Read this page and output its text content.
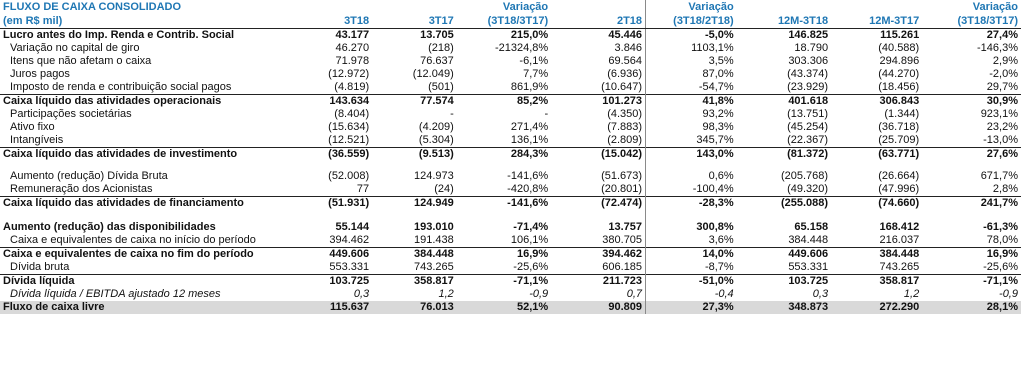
FLUXO DE CAIXA CONSOLIDADO			Variação		Variação			Variação
(em R$ mil)	3T18	3T17	(3T18/3T17)	2T18	(3T18/2T18)	12M-3T18	12M-3T17	(3T18/3T17)
Lucro antes do Imp. Renda e Contrib. Social	43.177	13.705	215,0%	45.446	-5,0%	146.825	115.261	27,4%
Variação no capital de giro	46.270	(218)	-21324,8%	3.846	1103,1%	18.790	(40.588)	-146,3%
Itens que não afetam o caixa	71.978	76.637	-6,1%	69.564	3,5%	303.306	294.896	2,9%
Juros pagos	(12.972)	(12.049)	7,7%	(6.936)	87,0%	(43.374)	(44.270)	-2,0%
Imposto de renda e contribuição social pagos	(4.819)	(501)	861,9%	(10.647)	-54,7%	(23.929)	(18.456)	29,7%
Caixa líquido das atividades operacionais	143.634	77.574	85,2%	101.273	41,8%	401.618	306.843	30,9%
Participações societárias	(8.404)	-	-	(4.350)	93,2%	(13.751)	(1.344)	923,1%
Ativo fixo	(15.634)	(4.209)	271,4%	(7.883)	98,3%	(45.254)	(36.718)	23,2%
Intangíveis	(12.521)	(5.304)	136,1%	(2.809)	345,7%	(22.367)	(25.709)	-13,0%
Caixa líquido das atividades de investimento	(36.559)	(9.513)	284,3%	(15.042)	143,0%	(81.372)	(63.771)	27,6%

Aumento (redução) Dívida Bruta	(52.008)	124.973	-141,6%	(51.673)	0,6%	(205.768)	(26.664)	671,7%
Remuneração dos Acionistas	77	(24)	-420,8%	(20.801)	-100,4%	(49.320)	(47.996)	2,8%
Caixa líquido das atividades de financiamento	(51.931)	124.949	-141,6%	(72.474)	-28,3%	(255.088)	(74.660)	241,7%

Aumento (redução) das disponibilidades	55.144	193.010	-71,4%	13.757	300,8%	65.158	168.412	-61,3%
Caixa e equivalentes de caixa no início do período	394.462	191.438	106,1%	380.705	3,6%	384.448	216.037	78,0%
Caixa e equivalentes de caixa no fim do período	449.606	384.448	16,9%	394.462	14,0%	449.606	384.448	16,9%
Dívida bruta	553.331	743.265	-25,6%	606.185	-8,7%	553.331	743.265	-25,6%
Dívida líquida	103.725	358.817	-71,1%	211.723	-51,0%	103.725	358.817	-71,1%
Dívida líquida / EBITDA ajustado 12 meses	0,3	1,2	-0,9	0,7	-0,4	0,3	1,2	-0,9
Fluxo de caixa livre	115.637	76.013	52,1%	90.809	27,3%	348.873	272.290	28,1%
